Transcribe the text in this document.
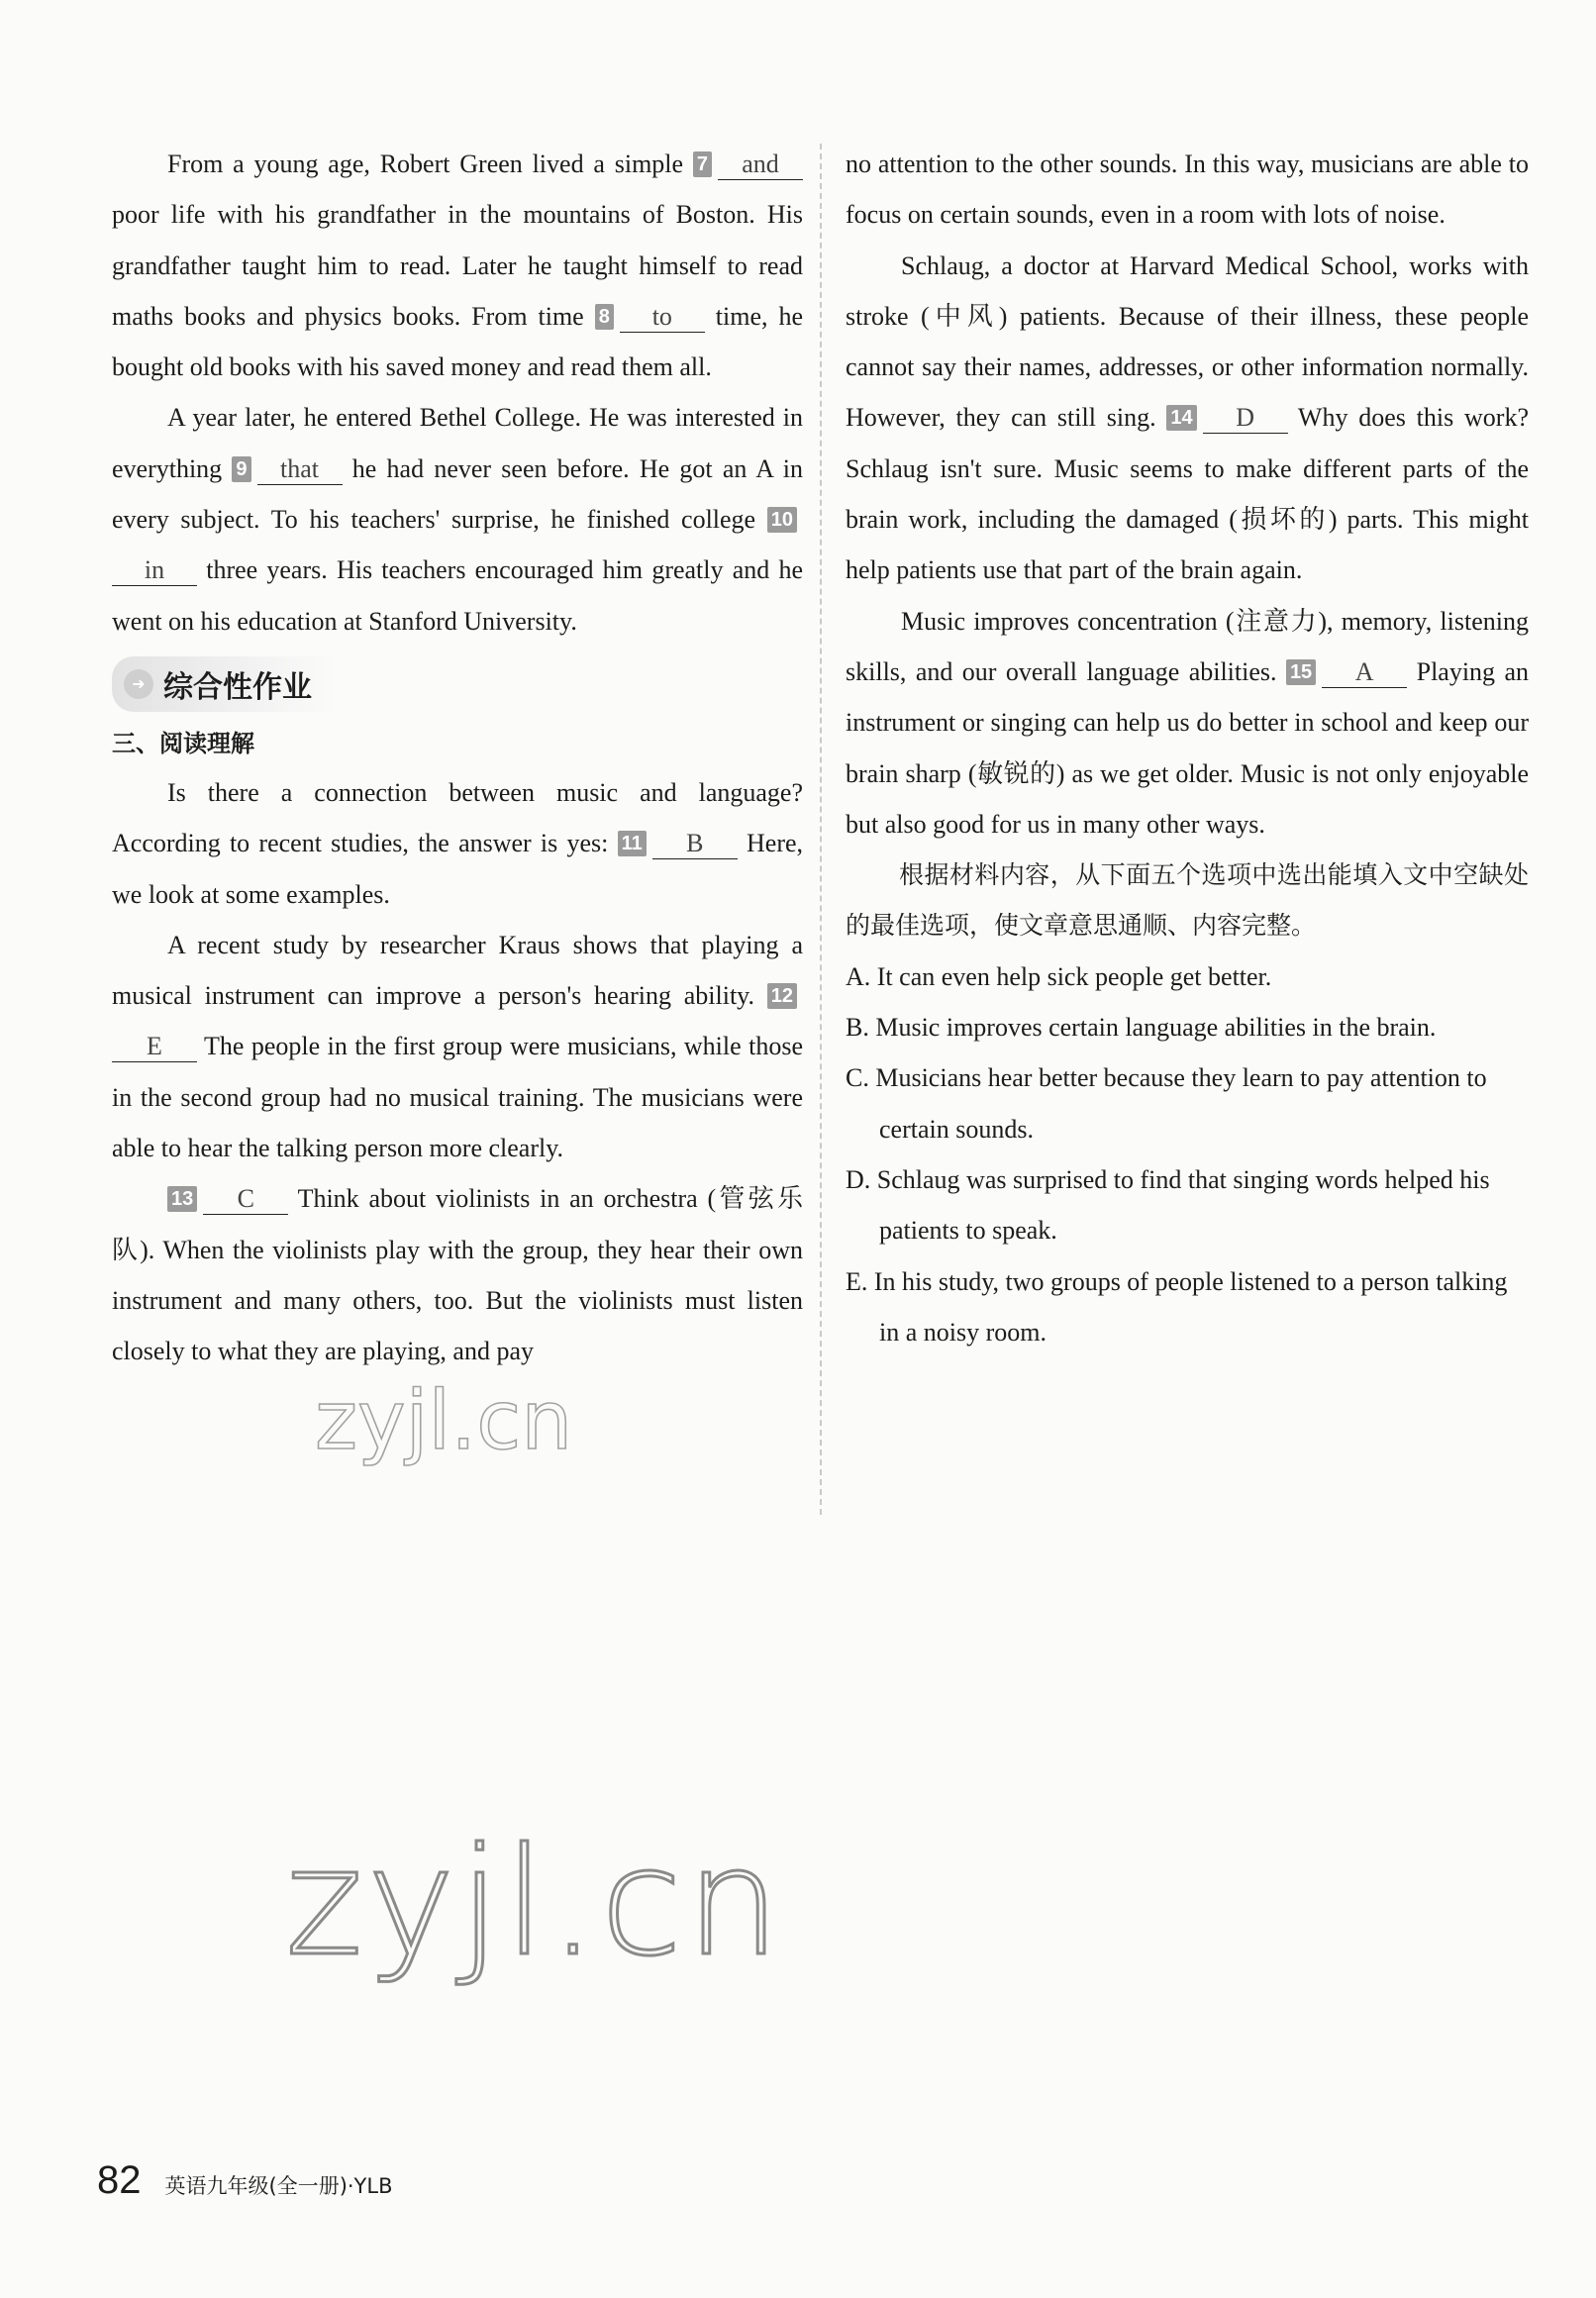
From a young age, Robert Green lived a simple 7 and poor life with his grandfather in the mountains of Boston. His grandfather taught him to read. Later he taught himself to read maths books and physics books. From time 8 to time, he bought old books with his saved money and read them all.

A year later, he entered Bethel College. He was interested in everything 9 that he had never seen before. He got an A in every subject. To his teachers' surprise, he finished college 10in three years. His teachers encouraged him greatly and he went on his education at Stanford University.

➜ 综合性作业
三、阅读理解

Is there a connection between music and language? According to recent studies, the answer is yes: 11 B Here, we look at some examples.

A recent study by researcher Kraus shows that playing a musical instrument can improve a person's hearing ability. 12E The people in the first group were musicians, while those in the second group had no musical training. The musicians were able to hear the talking person more clearly.

13 C Think about violinists in an orchestra (管弦乐队). When the violinists play with the group, they hear their own instrument and many others, too. But the violinists must listen closely to what they are playing, and pay

no attention to the other sounds. In this way, musicians are able to focus on certain sounds, even in a room with lots of noise.

Schlaug, a doctor at Harvard Medical School, works with stroke (中风) patients. Because of their illness, these people cannot say their names, addresses, or other information normally. However, they can still sing. 14 D Why does this work? Schlaug isn't sure. Music seems to make different parts of the brain work, including the damaged (损坏的) parts. This might help patients use that part of the brain again.

Music improves concentration (注意力), memory, listening skills, and our overall language abilities. 15 A Playing an instrument or singing can help us do better in school and keep our brain sharp (敏锐的) as we get older. Music is not only enjoyable but also good for us in many other ways.

根据材料内容，从下面五个选项中选出能填入文中空缺处的最佳选项，使文章意思通顺、内容完整。

A. It can even help sick people get better.

B. Music improves certain language abilities in the brain.

C. Musicians hear better because they learn to pay attention to certain sounds.

D. Schlaug was surprised to find that singing words helped his patients to speak.

E. In his study, two groups of people listened to a person talking in a noisy room.

zyjl.cn
zyjl.cn
82 英语九年级(全一册)·YLB
